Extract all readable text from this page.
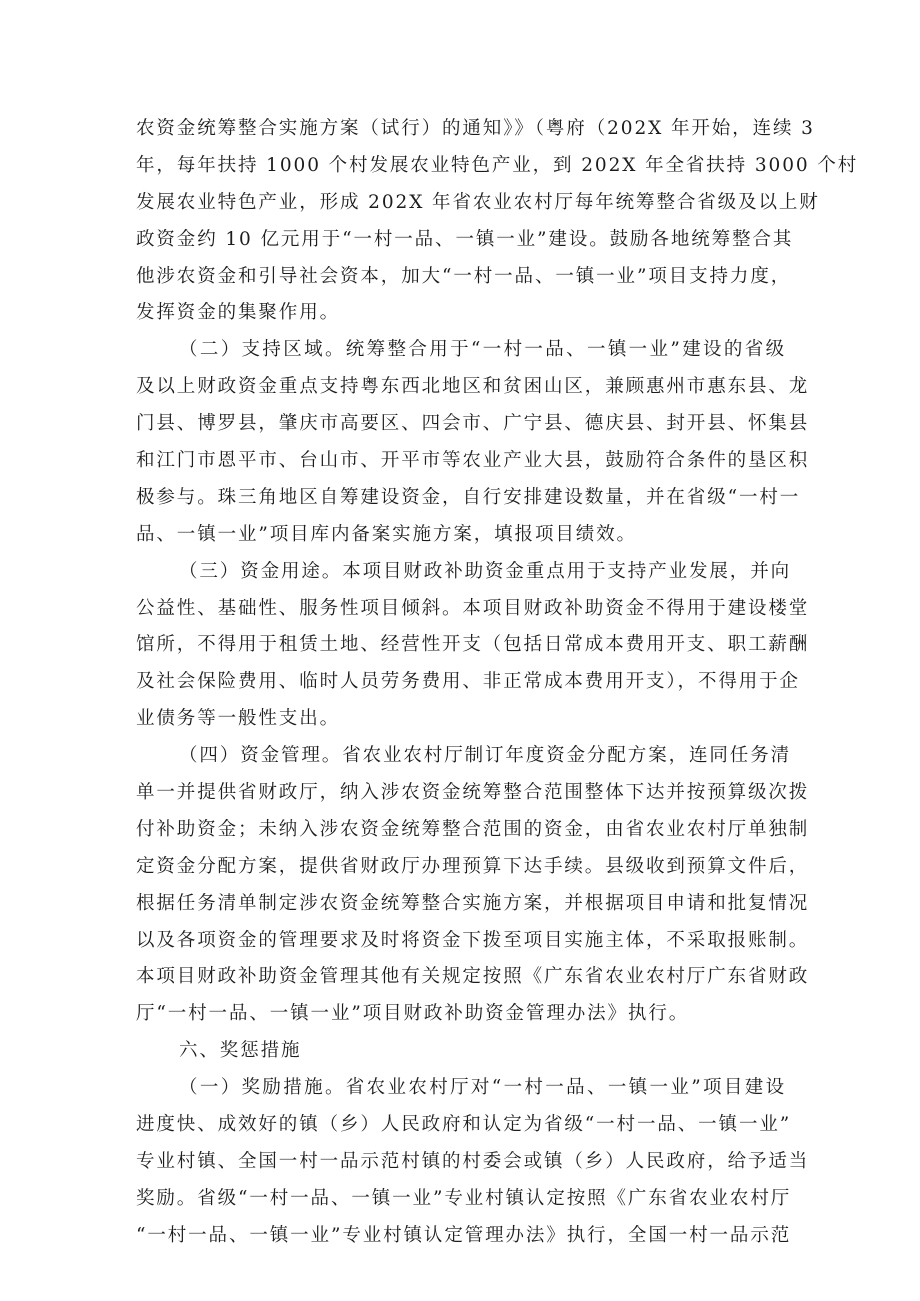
农资金统筹整合实施方案（试行）的通知》》（粤府（202X 年开始，连续 3
年，每年扶持 1000 个村发展农业特色产业，到 202X 年全省扶持 3000 个村
发展农业特色产业，形成 202X 年省农业农村厅每年统筹整合省级及以上财
政资金约 10 亿元用于“一村一品、一镇一业”建设。鼓励各地统筹整合其
他涉农资金和引导社会资本，加大“一村一品、一镇一业”项目支持力度，
发挥资金的集聚作用。
（二）支持区域。统筹整合用于“一村一品、一镇一业”建设的省级
及以上财政资金重点支持粤东西北地区和贫困山区，兼顾惠州市惠东县、龙
门县、博罗县，肇庆市高要区、四会市、广宁县、德庆县、封开县、怀集县
和江门市恩平市、台山市、开平市等农业产业大县，鼓励符合条件的垦区积
极参与。珠三角地区自筹建设资金，自行安排建设数量，并在省级“一村一
品、一镇一业”项目库内备案实施方案，填报项目绩效。
（三）资金用途。本项目财政补助资金重点用于支持产业发展，并向
公益性、基础性、服务性项目倾斜。本项目财政补助资金不得用于建设楼堂
馆所，不得用于租赁土地、经营性开支（包括日常成本费用开支、职工薪酬
及社会保险费用、临时人员劳务费用、非正常成本费用开支），不得用于企
业债务等一般性支出。
（四）资金管理。省农业农村厅制订年度资金分配方案，连同任务清
单一并提供省财政厅，纳入涉农资金统筹整合范围整体下达并按预算级次拨
付补助资金；未纳入涉农资金统筹整合范围的资金，由省农业农村厅单独制
定资金分配方案，提供省财政厅办理预算下达手续。县级收到预算文件后，
根据任务清单制定涉农资金统筹整合实施方案，并根据项目申请和批复情况
以及各项资金的管理要求及时将资金下拨至项目实施主体，不采取报账制。
本项目财政补助资金管理其他有关规定按照《广东省农业农村厅广东省财政
厅“一村一品、一镇一业”项目财政补助资金管理办法》执行。
六、奖惩措施
（一）奖励措施。省农业农村厅对“一村一品、一镇一业”项目建设
进度快、成效好的镇（乡）人民政府和认定为省级“一村一品、一镇一业”
专业村镇、全国一村一品示范村镇的村委会或镇（乡）人民政府，给予适当
奖励。省级“一村一品、一镇一业”专业村镇认定按照《广东省农业农村厅
“一村一品、一镇一业”专业村镇认定管理办法》执行，全国一村一品示范
